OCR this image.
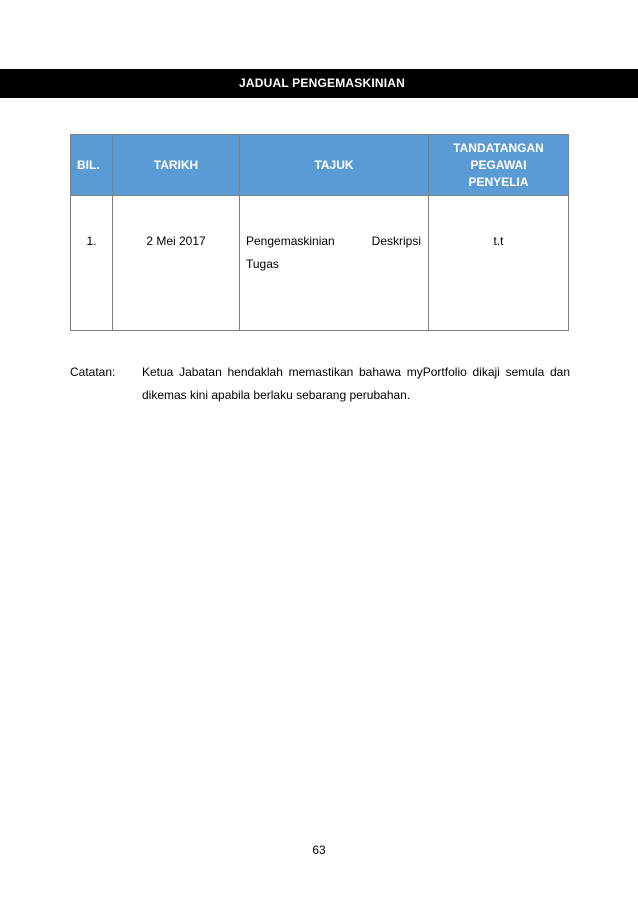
JADUAL PENGEMASKINIAN
BIL.	TARIKH	TAJUK	TANDATANGAN
PEGAWAI
PENYELIA

1.	2 Mei 2017	Pengemaskinian Deskripsi Tugas	t.t
Catatan: Ketua Jabatan hendaklah memastikan bahawa myPortfolio dikaji semula dan dikemas kini apabila berlaku sebarang perubahan.
63
